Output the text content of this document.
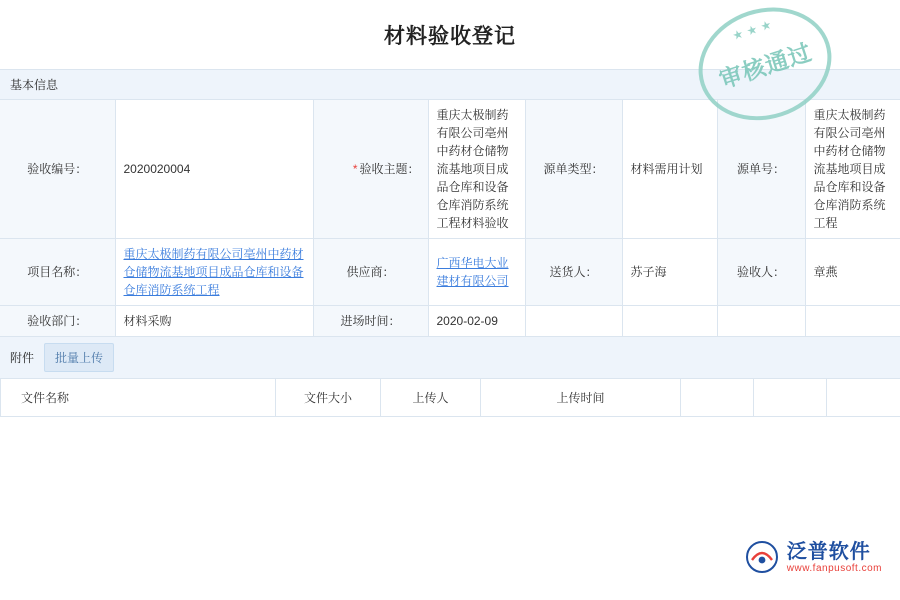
材料验收登记	★★★
审核通过
基本信息
验收编号：	2020020004	* 验收主题：	重庆太极制药有限公司亳州中药材仓储物流基地项目成品仓库和设备仓库消防系统工程材料验收	源单类型：	材料需用计划	源单号：	重庆太极制药有限公司亳州中药材仓储物流基地项目成品仓库和设备仓库消防系统工程
项目名称：	重庆太极制药有限公司亳州中药材仓储物流基地项目成品仓库和设备仓库消防系统工程	供应商：	广西华电大业建材有限公司	送货人：	苏子海	验收人：	章燕
验收部门：	材料采购	进场时间：	2020-02-09				
附件	批量上传
文件名称	文件大小	上传人	上传时间			
泛普软件
www.fanpusoft.com
